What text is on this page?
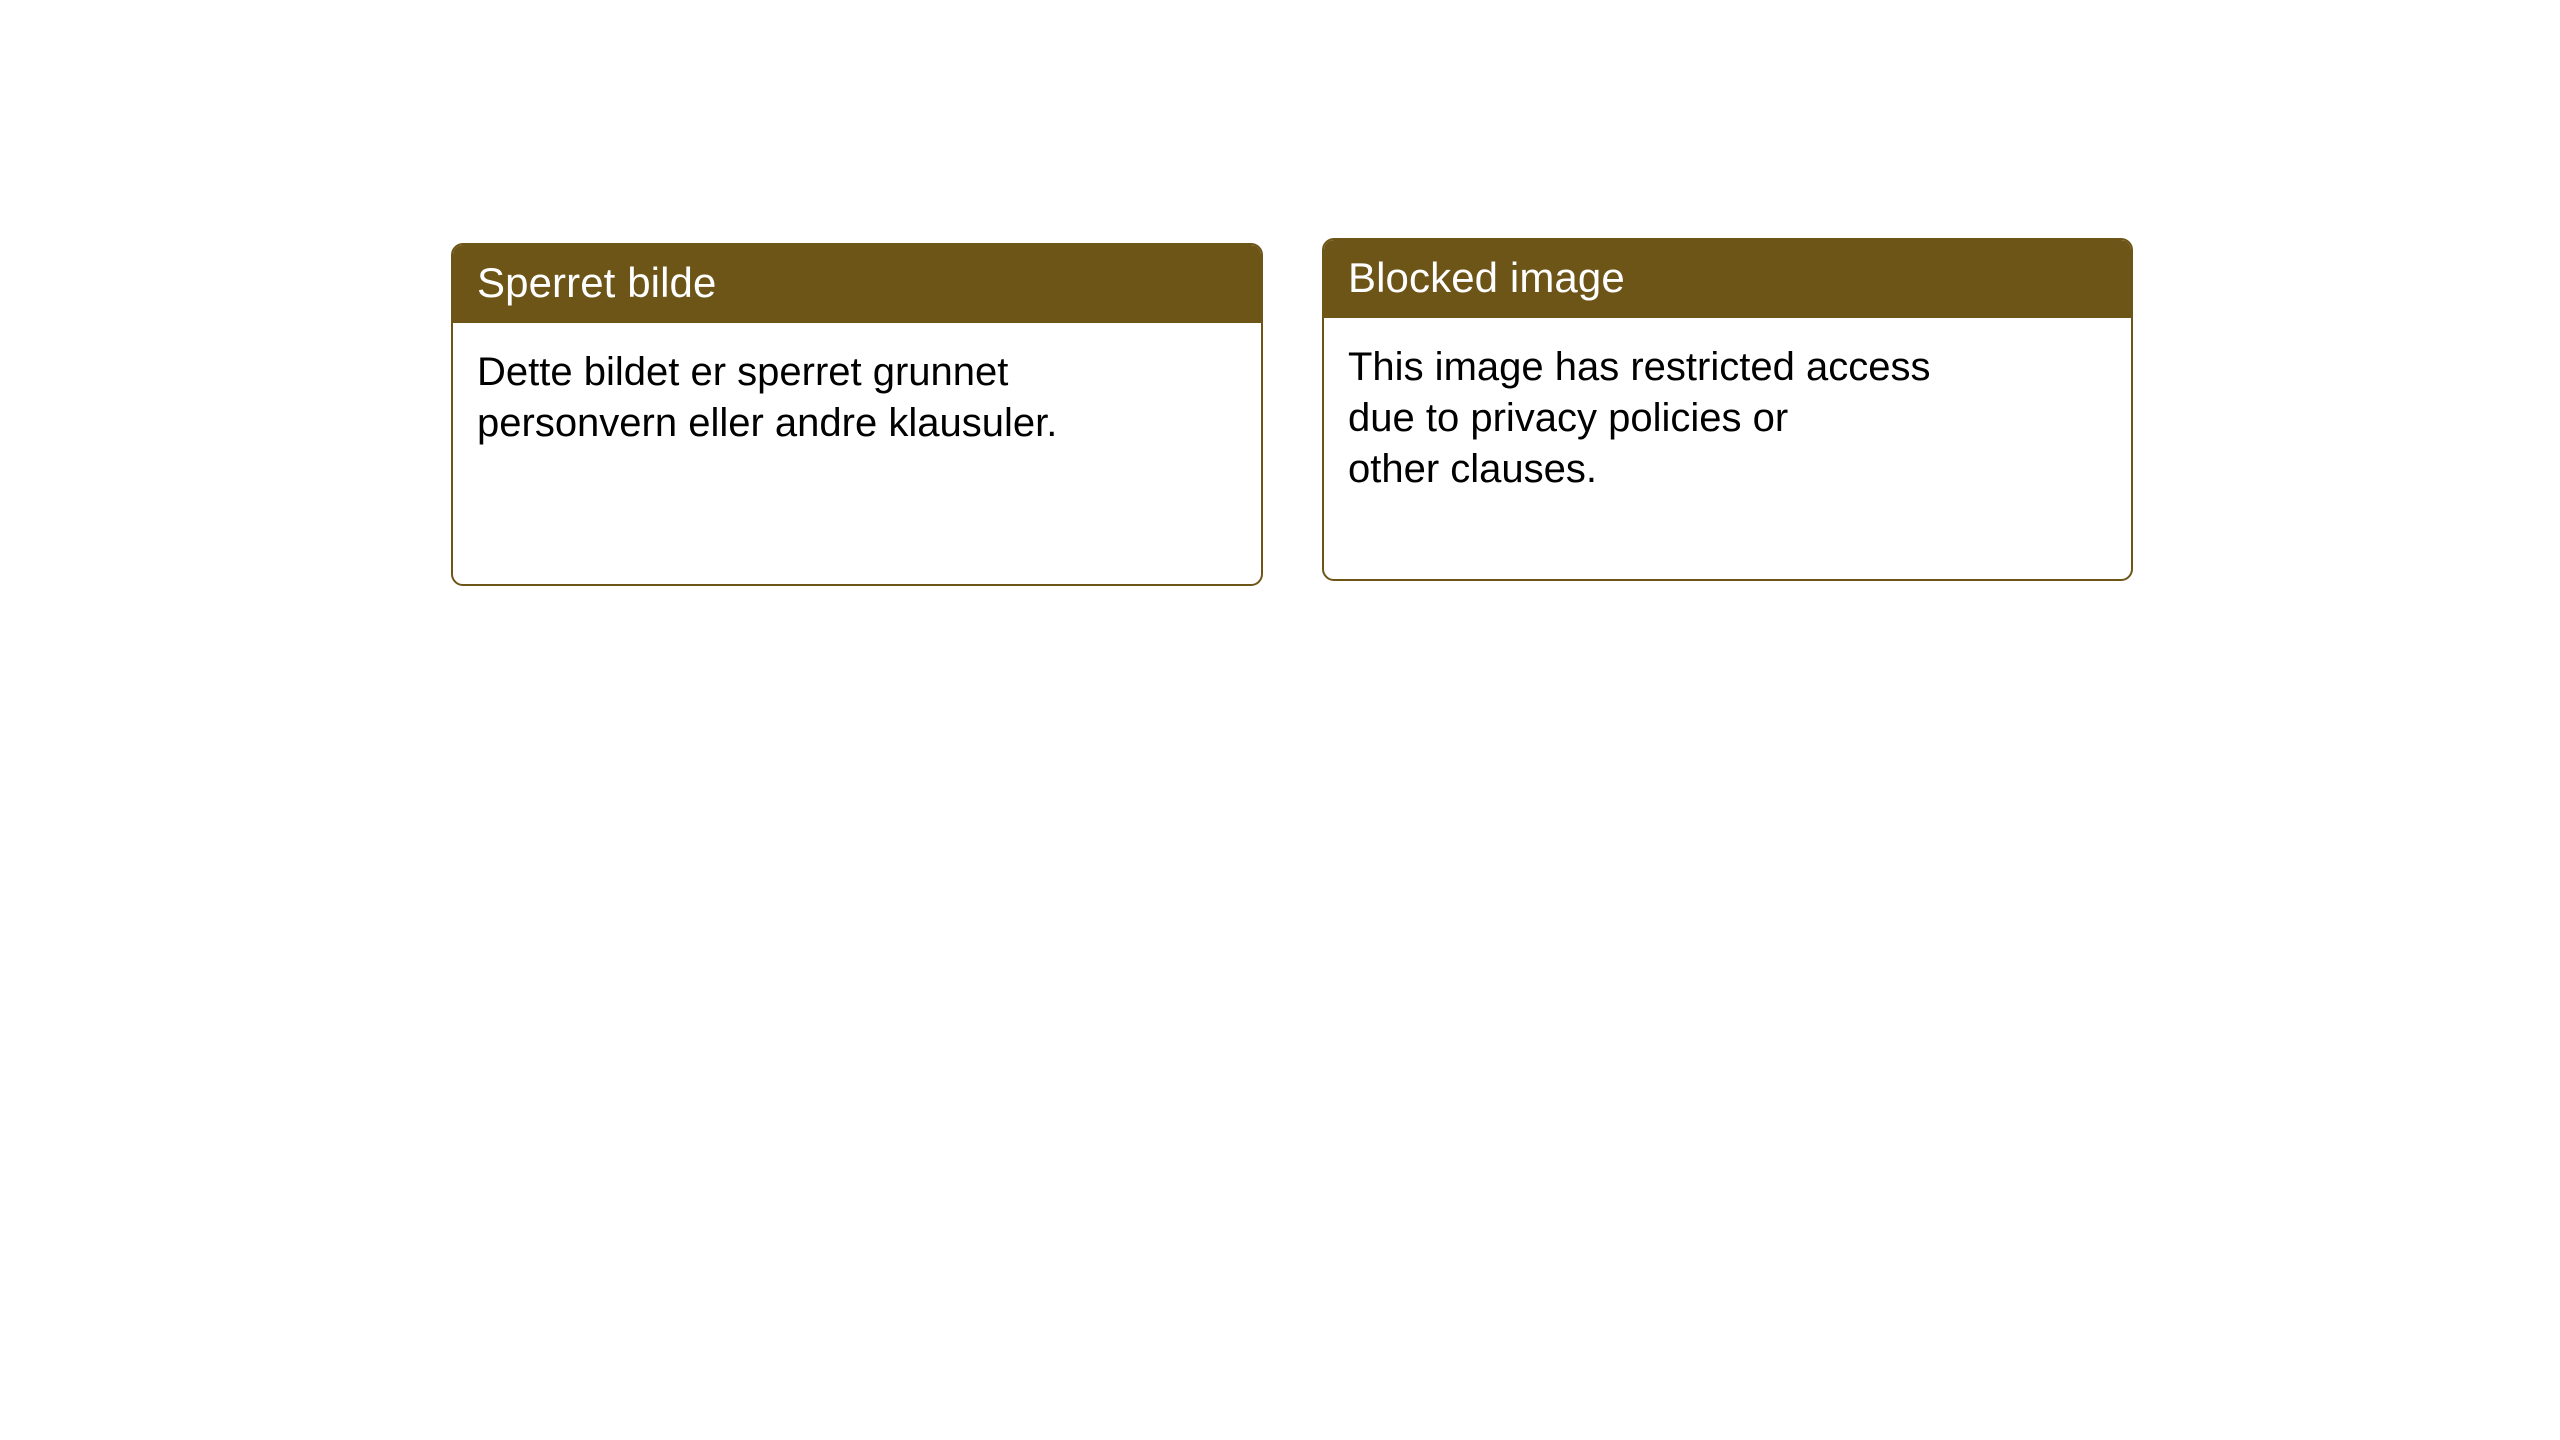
Sperret bilde

Dette bildet er sperret grunnet

personvern eller andre klausuler.

Blocked image

This image has restricted access

due to privacy policies or

other clauses.
